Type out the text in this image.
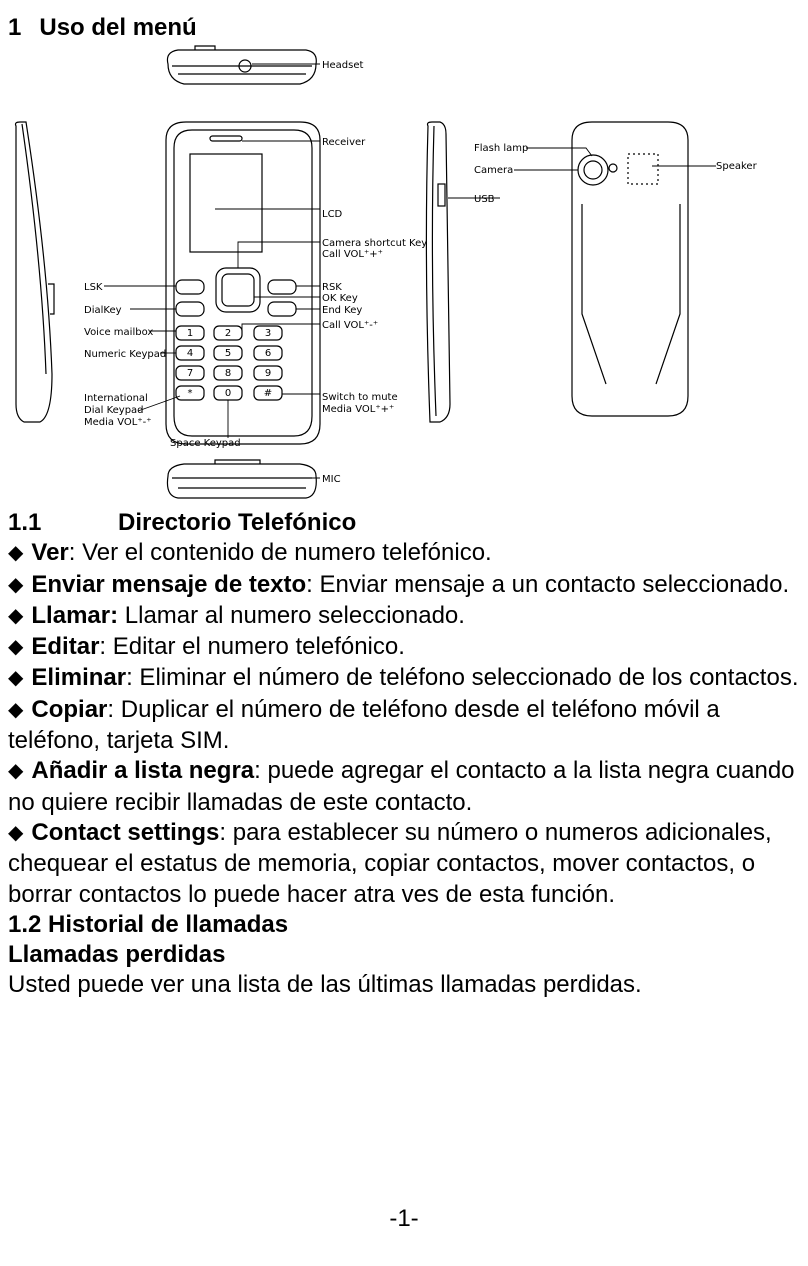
1 Uso del menú
1	2	3
4	5	6
7	8	9
*	0	#
Headset
Receiver
LCD
Camera shortcut Key
Call VOL⁺+⁺
LSK
DialKey
Voice mailbox
Numeric Keypad
International
Dial Keypad
Media VOL⁺-⁺
RSK
OK Key
End Key
Call VOL⁺-⁺
Switch to mute
Media VOL⁺+⁺
Space Keypad
MIC
Flash lamp
Camera
USB
Speaker

1.1	Directorio Telefónico

◆ Ver: Ver el contenido de numero telefónico.

◆ Enviar mensaje de texto: Enviar mensaje a un contacto seleccionado.

◆ Llamar: Llamar al numero seleccionado.

◆ Editar: Editar el numero telefónico.

◆ Eliminar: Eliminar el número de teléfono seleccionado de los contactos.

◆ Copiar: Duplicar el número de teléfono desde el teléfono móvil a teléfono, tarjeta SIM.

◆ Añadir a lista negra: puede agregar el contacto a la lista negra cuando no quiere recibir llamadas de este contacto.

◆ Contact settings: para establecer su número o numeros adicionales, chequear el estatus de memoria, copiar contactos, mover contactos, o borrar contactos lo puede hacer atra ves de esta función.

1.2 Historial de llamadas

Llamadas perdidas

Usted puede ver una lista de las últimas llamadas perdidas.

-1-
